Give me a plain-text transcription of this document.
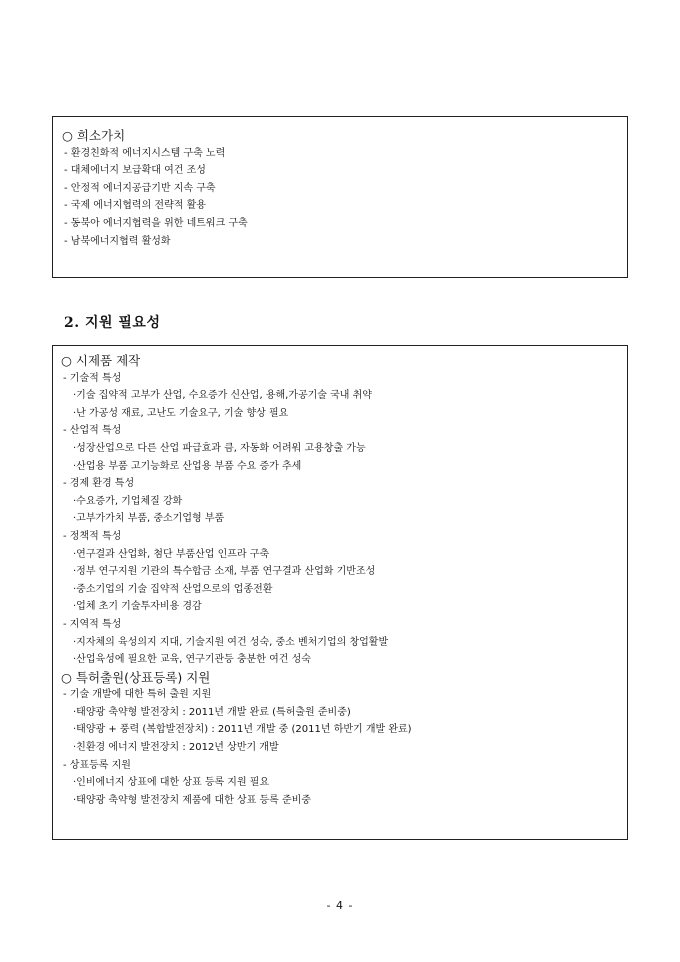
○ 희소가치
- 환경친화적 에너지시스템 구축 노력
- 대체에너지 보급확대 여건 조성
- 안정적 에너지공급기반 지속 구축
- 국제 에너지협력의 전략적 활용
- 동북아 에너지협력을 위한 네트워크 구축
- 남북에너지협력 활성화
2. 지원 필요성
○ 시제품 제작
- 기술적 특성
·기술 집약적 고부가 산업, 수요증가 신산업, 용해,가공기술 국내 취약
·난 가공성 재료, 고난도 기술요구, 기술 향상 필요
- 산업적 특성
·성장산업으로 다른 산업 파급효과 큼, 자동화 어려워 고용창출 가능
·산업용 부품 고기능화로 산업용 부품 수요 증가 추세
- 경제 환경 특성
·수요증가, 기업체질 강화
·고부가가치 부품, 중소기업형 부품
- 정책적 특성
·연구결과 산업화, 첨단 부품산업 인프라 구축
·정부 연구지원 기관의 특수합금 소재, 부품 연구결과 산업화 기반조성
·중소기업의 기술 집약적 산업으로의 업종전환
·업체 초기 기술투자비용 경감
- 지역적 특성
·지자체의 육성의지 지대, 기술지원 여건 성숙, 중소 벤처기업의 창업활발
·산업육성에 필요한 교육, 연구기관등 충분한 여건 성숙
○ 특허출원(상표등록) 지원
- 기술 개발에 대한 특허 출원 지원
·태양광 축약형 발전장치 : 2011년 개발 완료 (특허출원 준비중)
·태양광 + 풍력 (복합발전장치) : 2011년 개발 중 (2011년 하반기 개발 완료)
·친환경 에너지 발전장치 : 2012년 상반기 개발
- 상표등록 지원
·인비에너지 상표에 대한 상표 등록 지원 필요
·태양광 축약형 발전장치 제품에 대한 상표 등록 준비중
- 4 -
